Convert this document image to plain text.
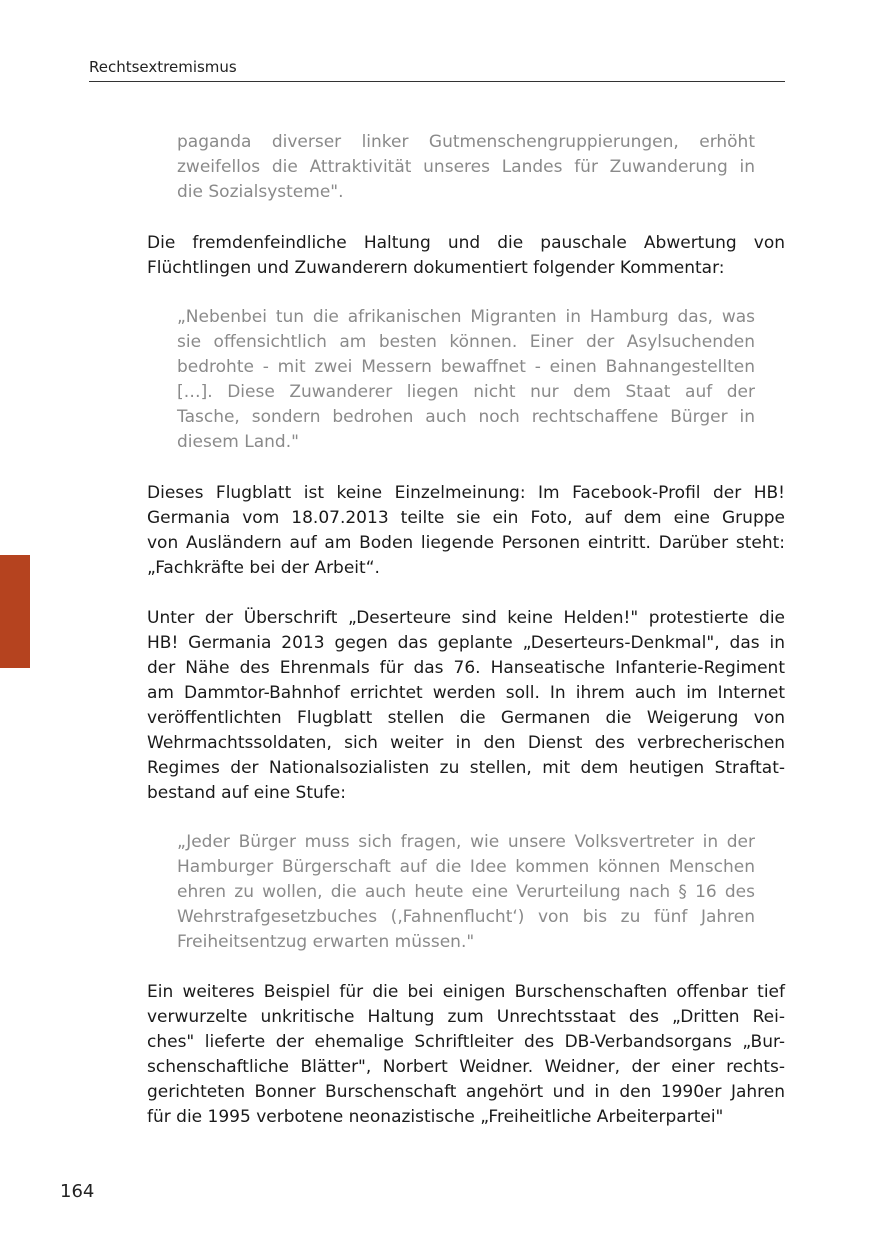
Rechtsextremismus
paganda diverser linker Gutmenschengruppierungen, erhöht
zweifellos die Attraktivität unseres Landes für Zuwanderung in
die Sozialsysteme".
Die fremdenfeindliche Haltung und die pauschale Abwertung von
Flüchtlingen und Zuwanderern dokumentiert folgender Kommentar:
„Nebenbei tun die afrikanischen Migranten in Hamburg das, was
sie offensichtlich am besten können. Einer der Asylsuchenden
bedrohte - mit zwei Messern bewaffnet - einen Bahnangestellten
[…]. Diese Zuwanderer liegen nicht nur dem Staat auf der
Tasche, sondern bedrohen auch noch rechtschaffene Bürger in
diesem Land."
Dieses Flugblatt ist keine Einzelmeinung: Im Facebook-Profil der HB!
Germania vom 18.07.2013 teilte sie ein Foto, auf dem eine Gruppe
von Ausländern auf am Boden liegende Personen eintritt. Darüber steht:
„Fachkräfte bei der Arbeit“.
Unter der Überschrift „Deserteure sind keine Helden!" protestierte die
HB! Germania 2013 gegen das geplante „Deserteurs-Denkmal", das in
der Nähe des Ehrenmals für das 76. Hanseatische Infanterie-Regiment
am Dammtor-Bahnhof errichtet werden soll. In ihrem auch im Internet
veröffentlichten Flugblatt stellen die Germanen die Weigerung von
Wehrmachtssoldaten, sich weiter in den Dienst des verbrecherischen
Regimes der Nationalsozialisten zu stellen, mit dem heutigen Straftat-
bestand auf eine Stufe:
„Jeder Bürger muss sich fragen, wie unsere Volksvertreter in der
Hamburger Bürgerschaft auf die Idee kommen können Menschen
ehren zu wollen, die auch heute eine Verurteilung nach § 16 des
Wehrstrafgesetzbuches (‚Fahnenflucht‘) von bis zu fünf Jahren
Freiheitsentzug erwarten müssen."
Ein weiteres Beispiel für die bei einigen Burschenschaften offenbar tief
verwurzelte unkritische Haltung zum Unrechtsstaat des „Dritten Rei-
ches" lieferte der ehemalige Schriftleiter des DB-Verbandsorgans „Bur-
schenschaftliche Blätter", Norbert Weidner. Weidner, der einer rechts-
gerichteten Bonner Burschenschaft angehört und in den 1990er Jahren
für die 1995 verbotene neonazistische „Freiheitliche Arbeiterpartei"
164
